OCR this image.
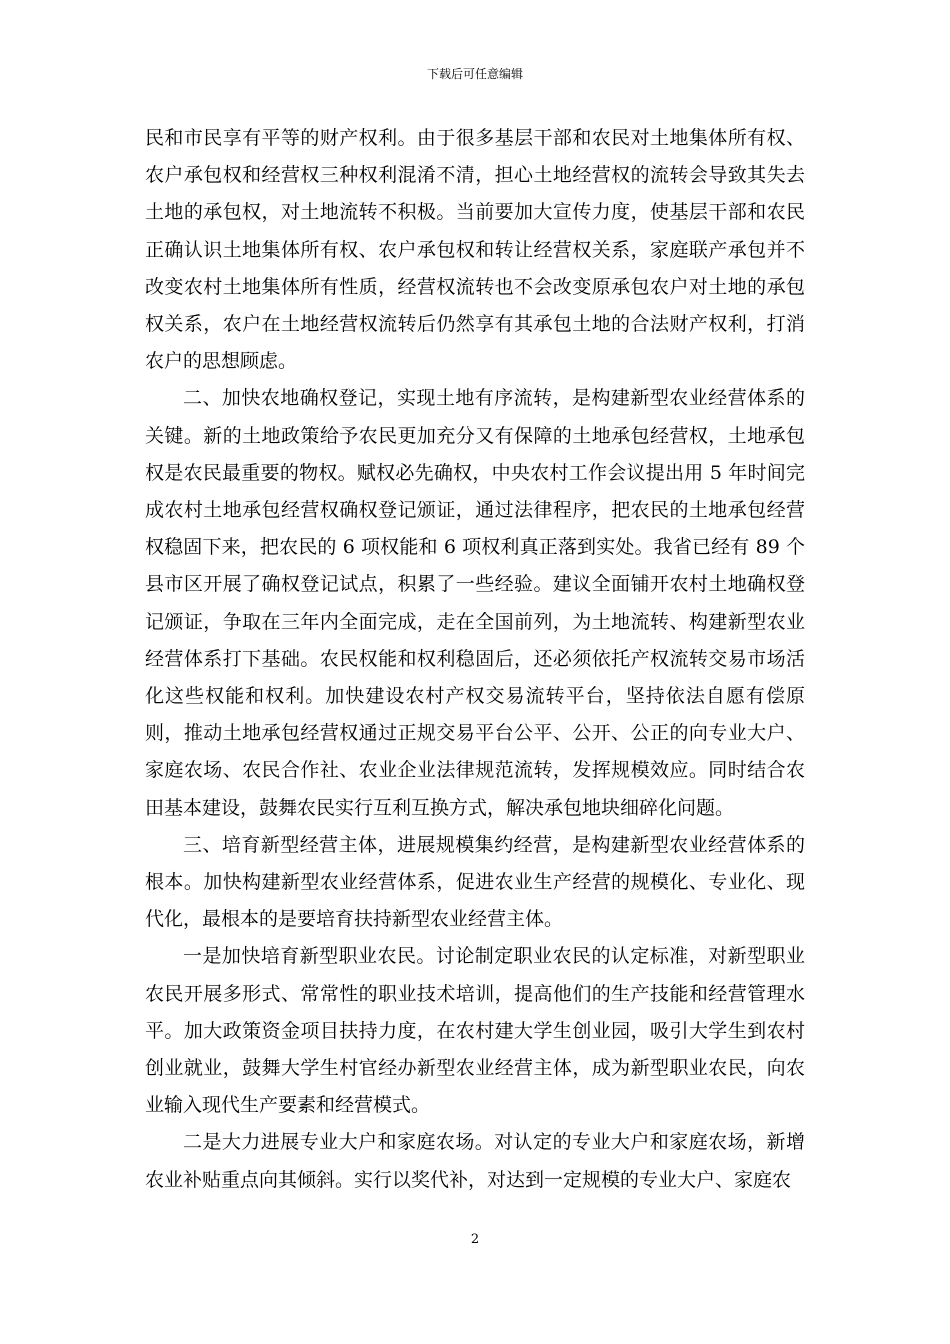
下载后可任意编辑

民和市民享有平等的财产权利。由于很多基层干部和农民对土地集体所有权、农户承包权和经营权三种权利混淆不清，担心土地经营权的流转会导致其失去土地的承包权，对土地流转不积极。当前要加大宣传力度，使基层干部和农民正确认识土地集体所有权、农户承包权和转让经营权关系，家庭联产承包并不改变农村土地集体所有性质，经营权流转也不会改变原承包农户对土地的承包权关系，农户在土地经营权流转后仍然享有其承包土地的合法财产权利，打消农户的思想顾虑。

二、加快农地确权登记，实现土地有序流转，是构建新型农业经营体系的关键。新的土地政策给予农民更加充分又有保障的土地承包经营权，土地承包权是农民最重要的物权。赋权必先确权，中央农村工作会议提出用 5 年时间完成农村土地承包经营权确权登记颁证，通过法律程序，把农民的土地承包经营权稳固下来，把农民的 6 项权能和 6 项权利真正落到实处。我省已经有 89 个县市区开展了确权登记试点，积累了一些经验。建议全面铺开农村土地确权登记颁证，争取在三年内全面完成，走在全国前列，为土地流转、构建新型农业经营体系打下基础。农民权能和权利稳固后，还必须依托产权流转交易市场活化这些权能和权利。加快建设农村产权交易流转平台，坚持依法自愿有偿原则，推动土地承包经营权通过正规交易平台公平、公开、公正的向专业大户、家庭农场、农民合作社、农业企业法律规范流转，发挥规模效应。同时结合农田基本建设，鼓舞农民实行互利互换方式，解决承包地块细碎化问题。

三、培育新型经营主体，进展规模集约经营，是构建新型农业经营体系的根本。加快构建新型农业经营体系，促进农业生产经营的规模化、专业化、现代化，最根本的是要培育扶持新型农业经营主体。

一是加快培育新型职业农民。讨论制定职业农民的认定标准，对新型职业农民开展多形式、常常性的职业技术培训，提高他们的生产技能和经营管理水平。加大政策资金项目扶持力度，在农村建大学生创业园，吸引大学生到农村创业就业，鼓舞大学生村官经办新型农业经营主体，成为新型职业农民，向农业输入现代生产要素和经营模式。

二是大力进展专业大户和家庭农场。对认定的专业大户和家庭农场，新增农业补贴重点向其倾斜。实行以奖代补，对达到一定规模的专业大户、家庭农

2
